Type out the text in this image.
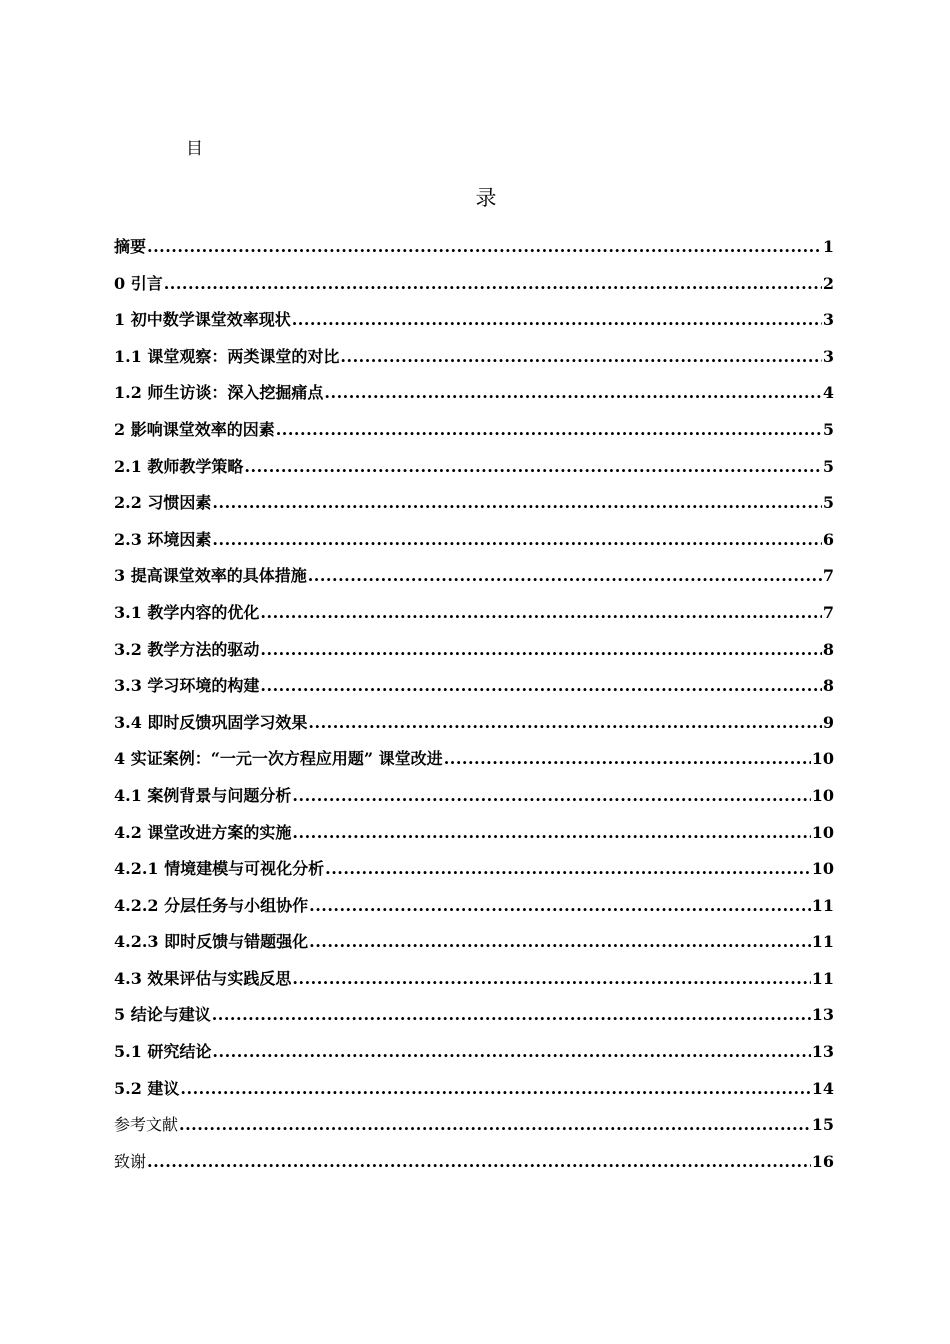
目
录
摘要 .....	1
0 引言 .....	2
1 初中数学课堂效率现状 .....	3
1.1 课堂观察：两类课堂的对比 .....	3
1.2 师生访谈：深入挖掘痛点 .....	4
2 影响课堂效率的因素 .....	5
2.1 教师教学策略 .....	5
2.2 习惯因素 .....	5
2.3 环境因素 .....	6
3 提高课堂效率的具体措施 .....	7
3.1 教学内容的优化 .....	7
3.2 教学方法的驱动 .....	8
3.3 学习环境的构建 .....	8
3.4 即时反馈巩固学习效果 .....	9
4 实证案例：“一元一次方程应用题” 课堂改进 .....	10
4.1 案例背景与问题分析 .....	10
4.2 课堂改进方案的实施 .....	10
4.2.1 情境建模与可视化分析 .....	10
4.2.2 分层任务与小组协作 .....	11
4.2.3 即时反馈与错题强化 .....	11
4.3 效果评估与实践反思 .....	11
5 结论与建议 .....	13
5.1 研究结论 .....	13
5.2 建议 .....	14
参考文献 .....	15
致谢 .....	16
